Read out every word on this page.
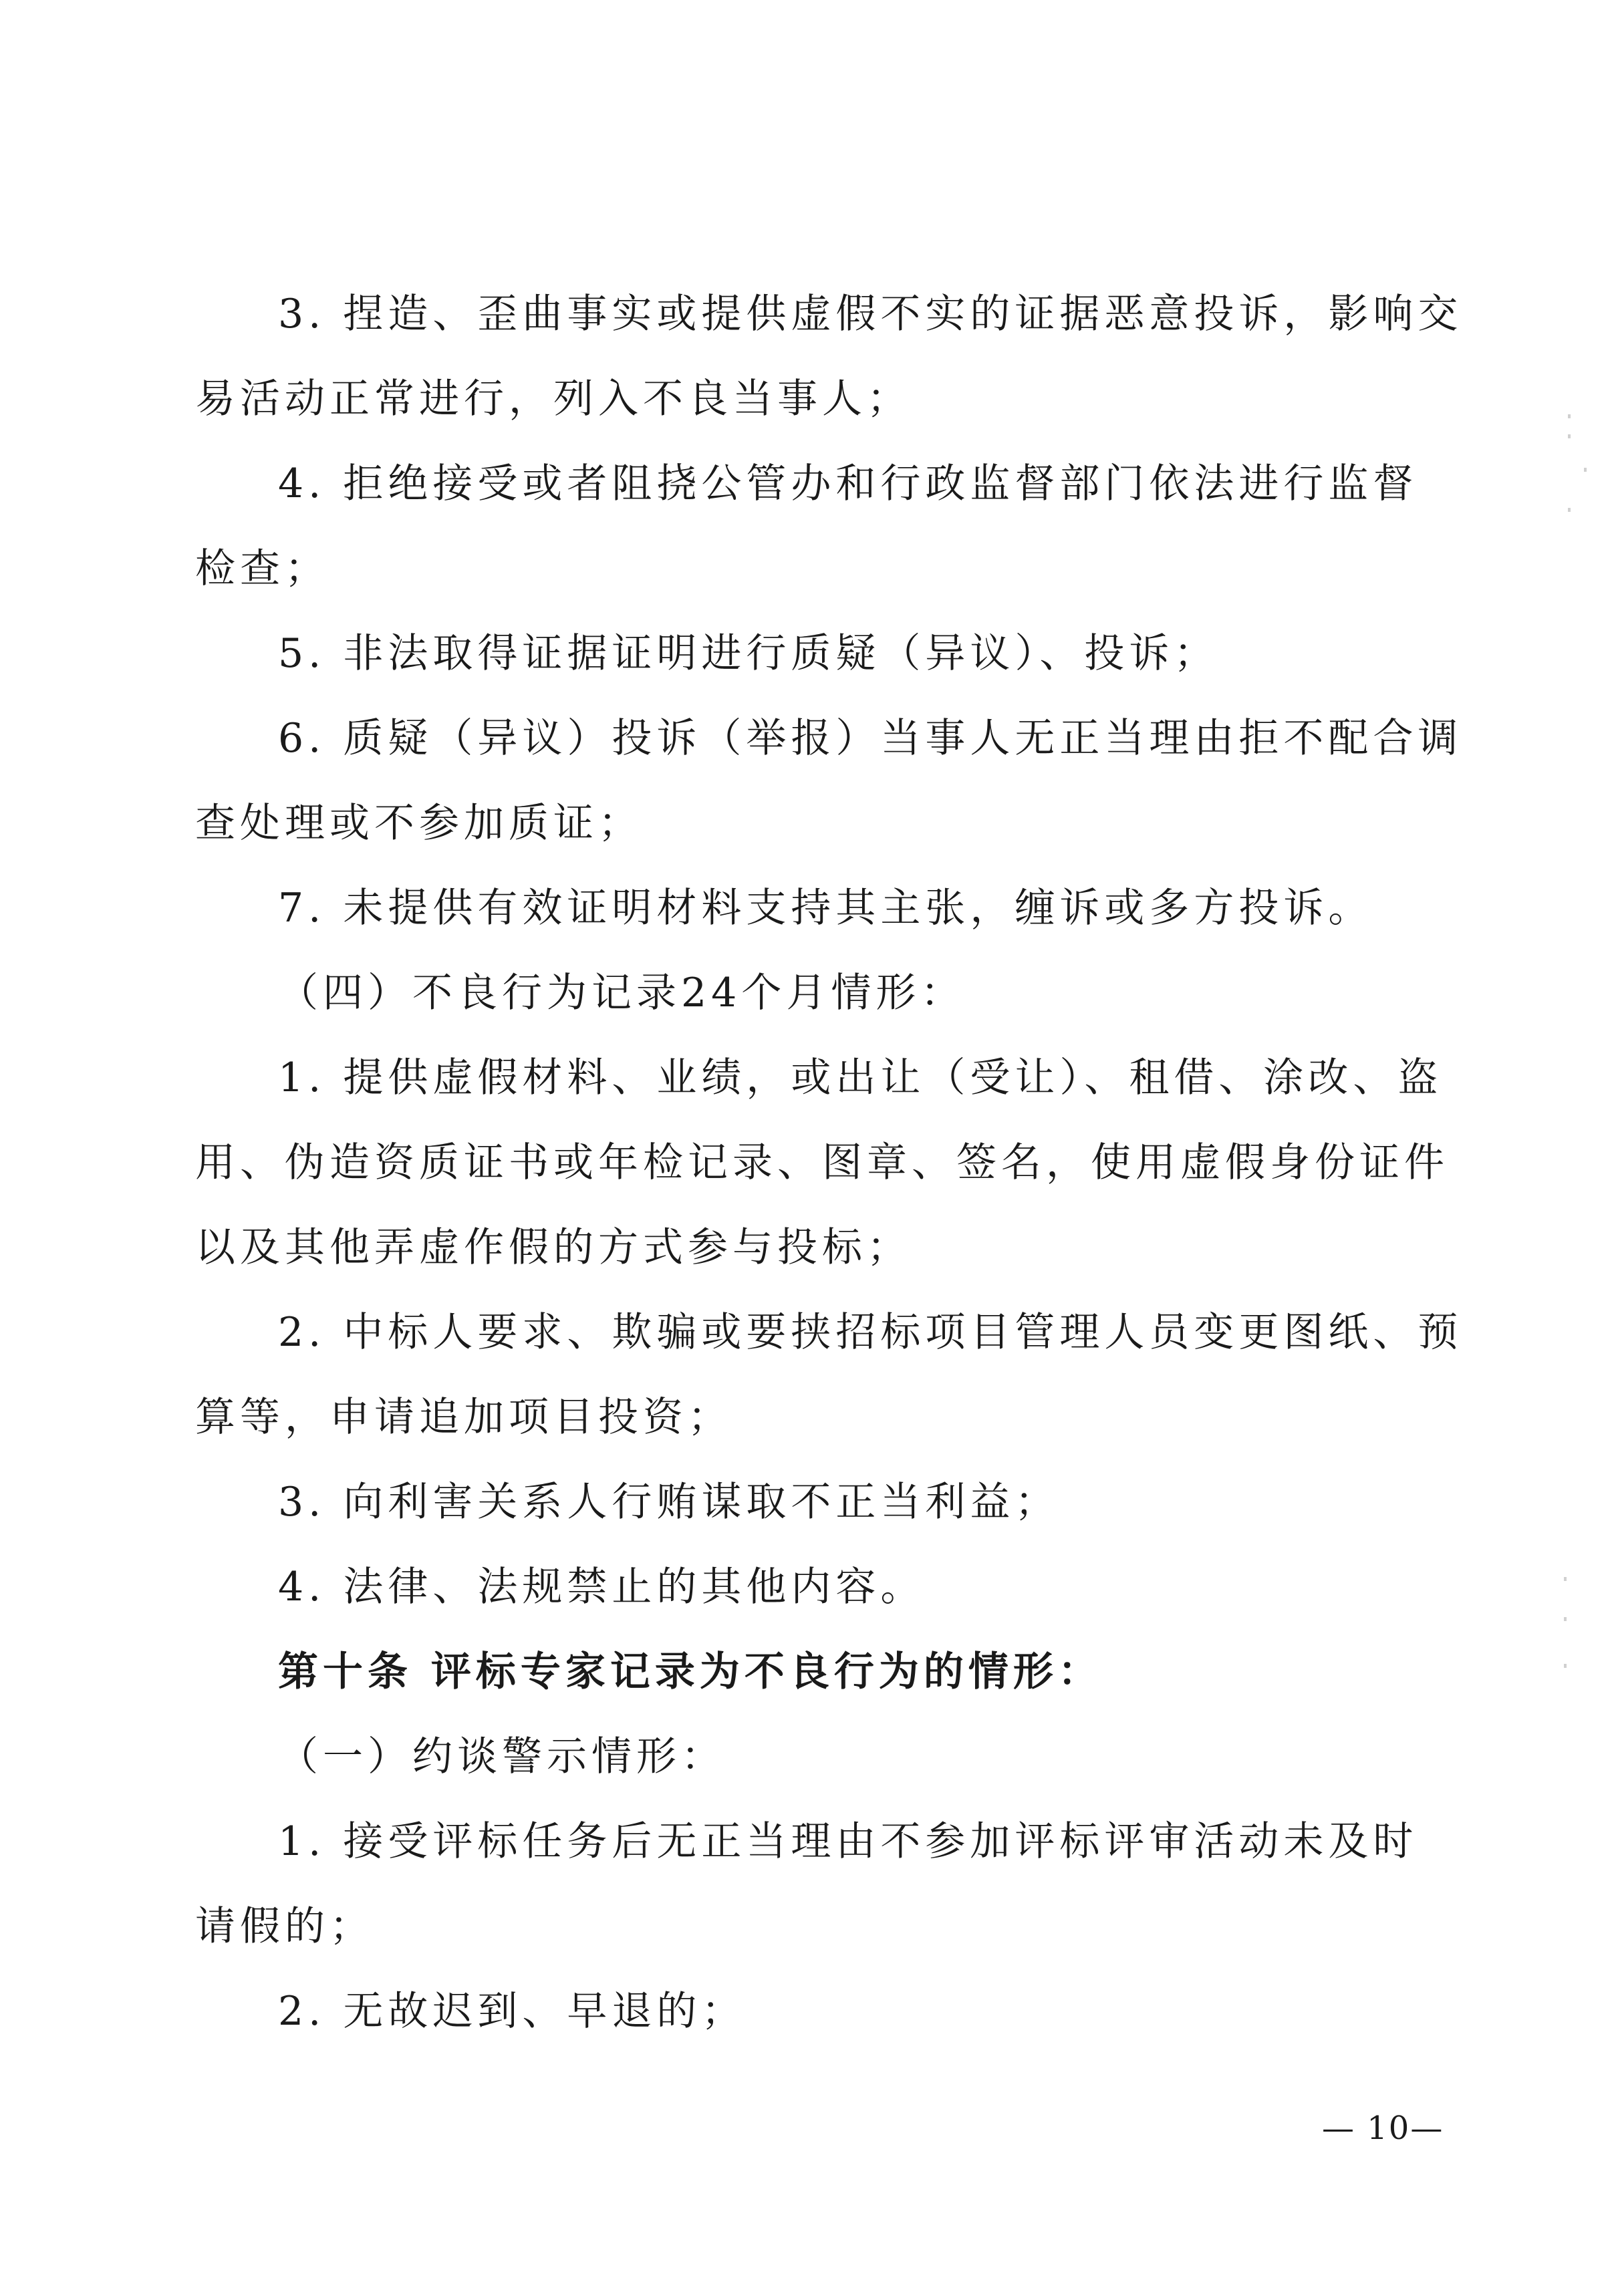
3. 捏造、歪曲事实或提供虚假不实的证据恶意投诉，影响交
易活动正常进行，列入不良当事人；
4. 拒绝接受或者阻挠公管办和行政监督部门依法进行监督
检查；
5. 非法取得证据证明进行质疑（异议）、投诉；
6. 质疑（异议）投诉（举报）当事人无正当理由拒不配合调
查处理或不参加质证；
7. 未提供有效证明材料支持其主张，缠诉或多方投诉。
（四）不良行为记录24个月情形：
1. 提供虚假材料、业绩，或出让（受让）、租借、涂改、盗
用、伪造资质证书或年检记录、图章、签名，使用虚假身份证件
以及其他弄虚作假的方式参与投标；
2. 中标人要求、欺骗或要挟招标项目管理人员变更图纸、预
算等，申请追加项目投资；
3. 向利害关系人行贿谋取不正当利益；
4. 法律、法规禁止的其他内容。
第十条 评标专家记录为不良行为的情形：
（一）约谈警示情形：
1. 接受评标任务后无正当理由不参加评标评审活动未及时
请假的；
2. 无故迟到、早退的；
— 10—
